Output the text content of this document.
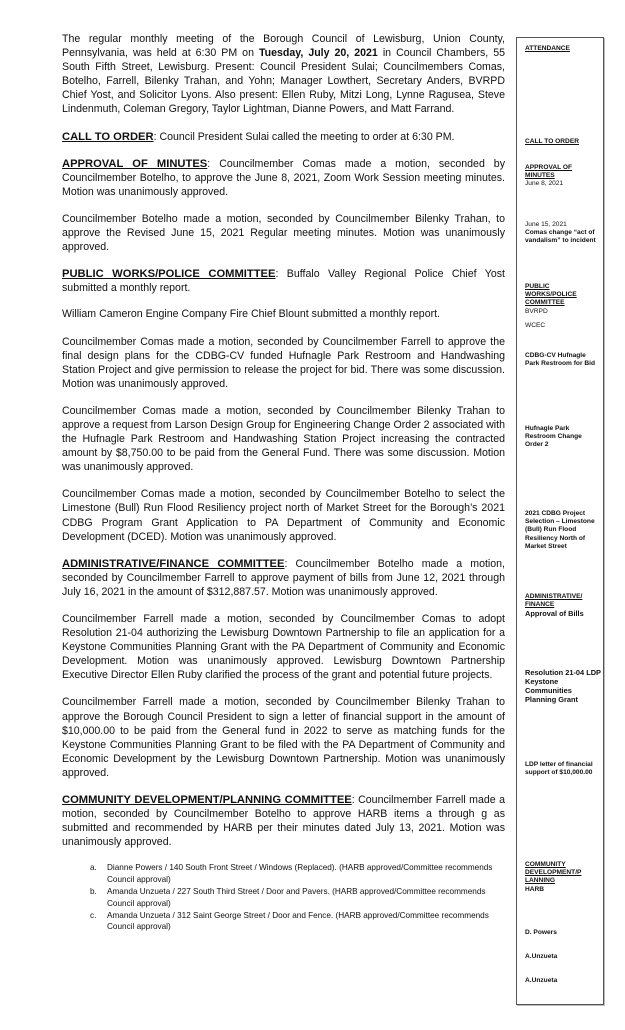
The regular monthly meeting of the Borough Council of Lewisburg, Union County, Pennsylvania, was held at 6:30 PM on Tuesday, July 20, 2021 in Council Chambers, 55 South Fifth Street, Lewisburg. Present: Council President Sulai; Councilmembers Comas, Botelho, Farrell, Bilenky Trahan, and Yohn; Manager Lowthert, Secretary Anders, BVRPD Chief Yost, and Solicitor Lyons. Also present: Ellen Ruby, Mitzi Long, Lynne Ragusea, Steve Lindenmuth, Coleman Gregory, Taylor Lightman, Dianne Powers, and Matt Farrand.

CALL TO ORDER: Council President Sulai called the meeting to order at 6:30 PM.

APPROVAL OF MINUTES: Councilmember Comas made a motion, seconded by Councilmember Botelho, to approve the June 8, 2021, Zoom Work Session meeting minutes. Motion was unanimously approved.

Councilmember Botelho made a motion, seconded by Councilmember Bilenky Trahan, to approve the Revised June 15, 2021 Regular meeting minutes. Motion was unanimously approved.

PUBLIC WORKS/POLICE COMMITTEE: Buffalo Valley Regional Police Chief Yost submitted a monthly report.

William Cameron Engine Company Fire Chief Blount submitted a monthly report.

Councilmember Comas made a motion, seconded by Councilmember Farrell to approve the final design plans for the CDBG-CV funded Hufnagle Park Restroom and Handwashing Station Project and give permission to release the project for bid. There was some discussion. Motion was unanimously approved.

Councilmember Comas made a motion, seconded by Councilmember Bilenky Trahan to approve a request from Larson Design Group for Engineering Change Order 2 associated with the Hufnagle Park Restroom and Handwashing Station Project increasing the contracted amount by $8,750.00 to be paid from the General Fund. There was some discussion. Motion was unanimously approved.

Councilmember Comas made a motion, seconded by Councilmember Botelho to select the Limestone (Bull) Run Flood Resiliency project north of Market Street for the Borough’s 2021 CDBG Program Grant Application to PA Department of Community and Economic Development (DCED). Motion was unanimously approved.

ADMINISTRATIVE/FINANCE COMMITTEE: Councilmember Botelho made a motion, seconded by Councilmember Farrell to approve payment of bills from June 12, 2021 through July 16, 2021 in the amount of $312,887.57. Motion was unanimously approved.

Councilmember Farrell made a motion, seconded by Councilmember Comas to adopt Resolution 21-04 authorizing the Lewisburg Downtown Partnership to file an application for a Keystone Communities Planning Grant with the PA Department of Community and Economic Development. Motion was unanimously approved. Lewisburg Downtown Partnership Executive Director Ellen Ruby clarified the process of the grant and potential future projects.

Councilmember Farrell made a motion, seconded by Councilmember Bilenky Trahan to approve the Borough Council President to sign a letter of financial support in the amount of $10,000.00 to be paid from the General fund in 2022 to serve as matching funds for the Keystone Communities Planning Grant to be filed with the PA Department of Community and Economic Development by the Lewisburg Downtown Partnership. Motion was unanimously approved.

COMMUNITY DEVELOPMENT/PLANNING COMMITTEE: Councilmember Farrell made a motion, seconded by Councilmember Botelho to approve HARB items a through g as submitted and recommended by HARB per their minutes dated July 13, 2021. Motion was unanimously approved.

a. Dianne Powers / 140 South Front Street / Windows (Replaced). (HARB approved/Committee recommends Council approval)
b. Amanda Unzueta / 227 South Third Street / Door and Pavers. (HARB approved/Committee recommends Council approval)
c. Amanda Unzueta / 312 Saint George Street / Door and Fence. (HARB approved/Committee recommends Council approval)
ATTENDANCE
CALL TO ORDER
APPROVAL OF MINUTES
June 8, 2021
June 15, 2021
Comas change “act of vandalism” to incident
PUBLIC WORKS/POLICE COMMITTEE
BVRPD
WCEC
CDBG-CV Hufnagle Park Restroom for Bid
Hufnagle Park Restroom Change Order 2
2021 CDBG Project Selection – Limestone (Bull) Run Flood Resiliency North of Market Street
ADMINISTRATIVE/ FINANCE
Approval of Bills
Resolution 21-04 LDP Keystone Communities Planning Grant
LDP letter of financial support of $10,000.00
COMMUNITY DEVELOPMENT/P LANNING
HARB
D. Powers
A.Unzueta
A.Unzueta
